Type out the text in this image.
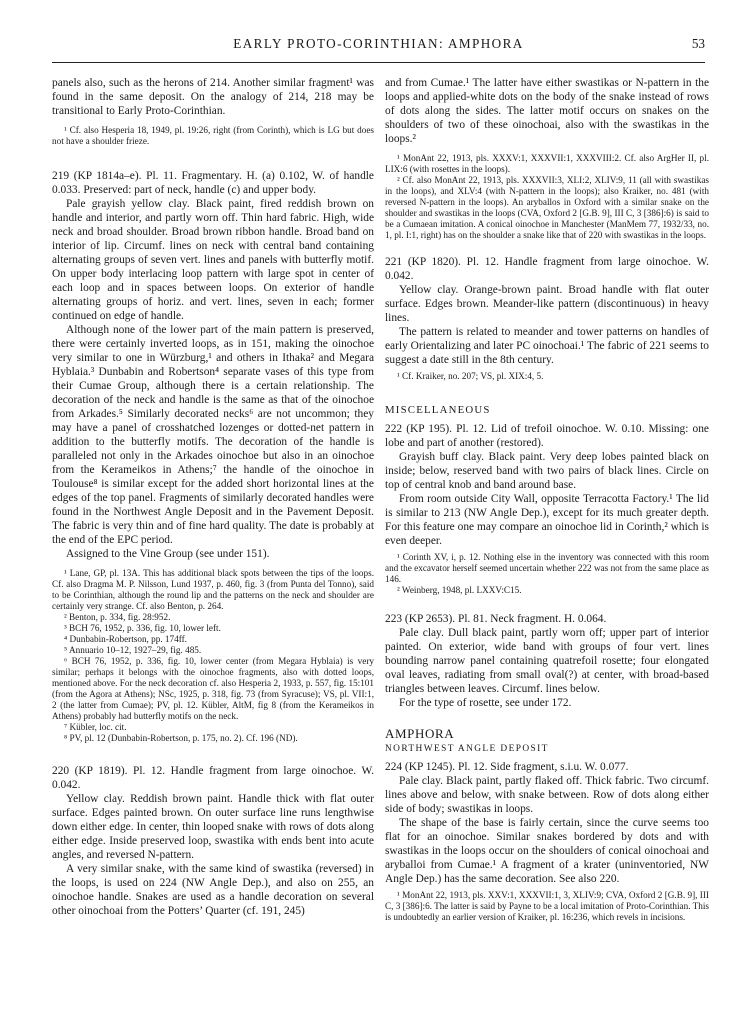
EARLY PROTO-CORINTHIAN: AMPHORA	53

panels also, such as the herons of 214. Another similar fragment¹ was found in the same deposit. On the analogy of 214, 218 may be transitional to Early Proto-Corinthian.

¹ Cf. also Hesperia 18, 1949, pl. 19:26, right (from Corinth), which is LG but does not have a shoulder frieze.

219 (KP 1814a–e). Pl. 11. Fragmentary. H. (a) 0.102, W. of handle 0.033. Preserved: part of neck, handle (c) and upper body.

Pale grayish yellow clay. Black paint, fired reddish brown on handle and interior, and partly worn off. Thin hard fabric. High, wide neck and broad shoulder. Broad brown ribbon handle. Broad band on interior of lip. Circumf. lines on neck with central band containing alternating groups of seven vert. lines and panels with butterfly motif. On upper body interlacing loop pattern with large spot in center of each loop and in spaces between loops. On exterior of handle alternating groups of horiz. and vert. lines, seven in each; former continued on edge of handle.

Although none of the lower part of the main pattern is preserved, there were certainly inverted loops, as in 151, making the oinochoe very similar to one in Würzburg,¹ and others in Ithaka² and Megara Hyblaia.³ Dunbabin and Robertson⁴ separate vases of this type from their Cumae Group, although there is a certain relationship. The decoration of the neck and handle is the same as that of the oinochoe from Arkades.⁵ Similarly decorated necks⁶ are not uncommon; they may have a panel of crosshatched lozenges or dotted-net pattern in addition to the butterfly motifs. The decoration of the handle is paralleled not only in the Arkades oinochoe but also in an oinochoe from the Kerameikos in Athens;⁷ the handle of the oinochoe in Toulouse⁸ is similar except for the added short horizontal lines at the edges of the top panel. Fragments of similarly decorated handles were found in the Northwest Angle Deposit and in the Pavement Deposit. The fabric is very thin and of fine hard quality. The date is probably at the end of the EPC period.

Assigned to the Vine Group (see under 151).

¹ Lane, GP, pl. 13A. This has additional black spots between the tips of the loops. Cf. also Dragma M. P. Nilsson, Lund 1937, p. 460, fig. 3 (from Punta del Tonno), said to be Corinthian, although the round lip and the patterns on the neck and shoulder are certainly very strange. Cf. also Benton, p. 264.

² Benton, p. 334, fig. 28:952.

³ BCH 76, 1952, p. 336, fig. 10, lower left.

⁴ Dunbabin-Robertson, pp. 174ff.

⁵ Annuario 10–12, 1927–29, fig. 485.

⁶ BCH 76, 1952, p. 336, fig. 10, lower center (from Megara Hyblaia) is very similar; perhaps it belongs with the oinochoe fragments, also with dotted loops, mentioned above. For the neck decoration cf. also Hesperia 2, 1933, p. 557, fig. 15:101 (from the Agora at Athens); NSc, 1925, p. 318, fig. 73 (from Syracuse); VS, pl. VII:1, 2 (the latter from Cumae); PV, pl. 12. Kübler, AltM, fig 8 (from the Kerameikos in Athens) probably had butterfly motifs on the neck.

⁷ Kübler, loc. cit.

⁸ PV, pl. 12 (Dunbabin-Robertson, p. 175, no. 2). Cf. 196 (ND).

220 (KP 1819). Pl. 12. Handle fragment from large oinochoe. W. 0.042.

Yellow clay. Reddish brown paint. Handle thick with flat outer surface. Edges painted brown. On outer surface line runs lengthwise down either edge. In center, thin looped snake with rows of dots along either edge. Inside preserved loop, swastika with ends bent into acute angles, and reversed N-pattern.

A very similar snake, with the same kind of swastika (reversed) in the loops, is used on 224 (NW Angle Dep.), and also on 255, an oinochoe handle. Snakes are used as a handle decoration on several other oinochoai from the Potters’ Quarter (cf. 191, 245)

and from Cumae.¹ The latter have either swastikas or N-pattern in the loops and applied-white dots on the body of the snake instead of rows of dots along the sides. The latter motif occurs on snakes on the shoulders of two of these oinochoai, also with the swastikas in the loops.²

¹ MonAnt 22, 1913, pls. XXXV:1, XXXVII:1, XXXVIII:2. Cf. also ArgHer II, pl. LIX:6 (with rosettes in the loops).

² Cf. also MonAnt 22, 1913, pls. XXXVII:3, XLI:2, XLIV:9, 11 (all with swastikas in the loops), and XLV:4 (with N-pattern in the loops); also Kraiker, no. 481 (with reversed N-pattern in the loops). An aryballos in Oxford with a similar snake on the shoulder and swastikas in the loops (CVA, Oxford 2 [G.B. 9], III C, 3 [386]:6) is said to be a Cumaean imitation. A conical oinochoe in Manchester (ManMem 77, 1932/33, no. 1, pl. I:1, right) has on the shoulder a snake like that of 220 with swastikas in the loops.

221 (KP 1820). Pl. 12. Handle fragment from large oinochoe. W. 0.042.

Yellow clay. Orange-brown paint. Broad handle with flat outer surface. Edges brown. Meander-like pattern (discontinuous) in heavy lines.

The pattern is related to meander and tower patterns on handles of early Orientalizing and later PC oinochoai.¹ The fabric of 221 seems to suggest a date still in the 8th century.

¹ Cf. Kraiker, no. 207; VS, pl. XIX:4, 5.

MISCELLANEOUS

222 (KP 195). Pl. 12. Lid of trefoil oinochoe. W. 0.10. Missing: one lobe and part of another (restored).

Grayish buff clay. Black paint. Very deep lobes painted black on inside; below, reserved band with two pairs of black lines. Circle on top of central knob and band around base.

From room outside City Wall, opposite Terracotta Factory.¹ The lid is similar to 213 (NW Angle Dep.), except for its much greater depth. For this feature one may compare an oinochoe lid in Corinth,² which is even deeper.

¹ Corinth XV, i, p. 12. Nothing else in the inventory was connected with this room and the excavator herself seemed uncertain whether 222 was not from the same place as 146.

² Weinberg, 1948, pl. LXXV:C15.

223 (KP 2653). Pl. 81. Neck fragment. H. 0.064.

Pale clay. Dull black paint, partly worn off; upper part of interior painted. On exterior, wide band with groups of four vert. lines bounding narrow panel containing quatrefoil rosette; four elongated oval leaves, radiating from small oval(?) at center, with broad-based triangles between leaves. Circumf. lines below.

For the type of rosette, see under 172.

AMPHORA
NORTHWEST ANGLE DEPOSIT

224 (KP 1245). Pl. 12. Side fragment, s.i.u. W. 0.077.

Pale clay. Black paint, partly flaked off. Thick fabric. Two circumf. lines above and below, with snake between. Row of dots along either side of body; swastikas in loops.

The shape of the base is fairly certain, since the curve seems too flat for an oinochoe. Similar snakes bordered by dots and with swastikas in the loops occur on the shoulders of conical oinochoai and aryballoi from Cumae.¹ A fragment of a krater (uninventoried, NW Angle Dep.) has the same decoration. See also 220.

¹ MonAnt 22, 1913, pls. XXV:1, XXXVII:1, 3, XLIV:9; CVA, Oxford 2 [G.B. 9], III C, 3 [386]:6. The latter is said by Payne to be a local imitation of Proto-Corinthian. This is undoubtedly an earlier version of Kraiker, pl. 16:236, which revels in incisions.
